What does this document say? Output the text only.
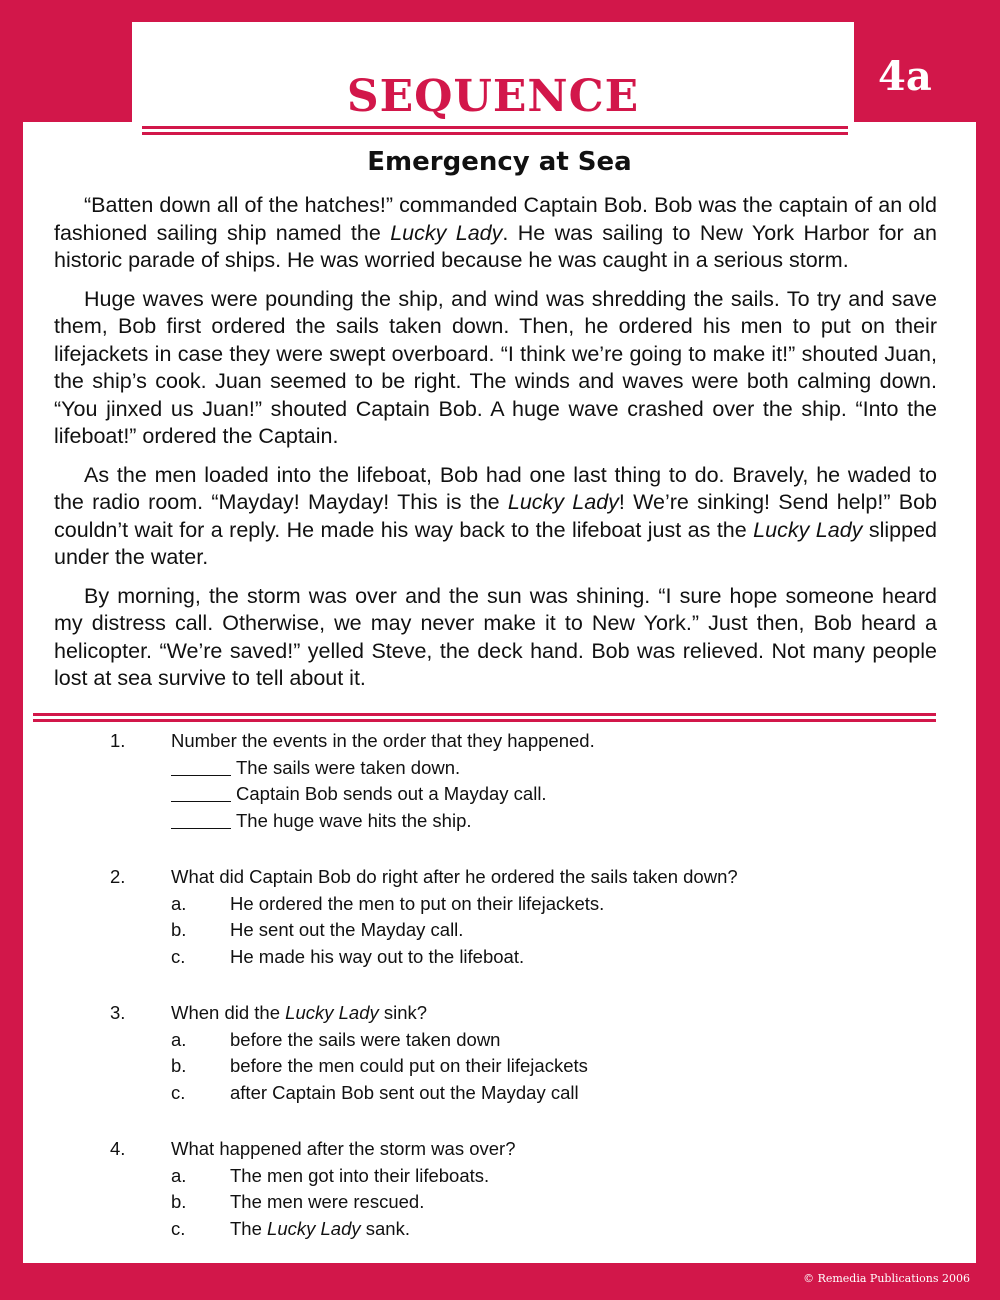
SEQUENCE	4a
Emergency at Sea

“Batten down all of the hatches!” commanded Captain Bob. Bob was the captain of an old fashioned sailing ship named the Lucky Lady. He was sailing to New York Harbor for an historic parade of ships. He was worried because he was caught in a serious storm.

Huge waves were pounding the ship, and wind was shredding the sails. To try and save them, Bob first ordered the sails taken down. Then, he ordered his men to put on their lifejackets in case they were swept overboard. “I think we’re going to make it!” shouted Juan, the ship’s cook. Juan seemed to be right. The winds and waves were both calming down. “You jinxed us Juan!” shouted Captain Bob. A huge wave crashed over the ship. “Into the lifeboat!” ordered the Captain.

As the men loaded into the lifeboat, Bob had one last thing to do. Bravely, he waded to the radio room. “Mayday! Mayday! This is the Lucky Lady! We’re sinking! Send help!” Bob couldn’t wait for a reply. He made his way back to the lifeboat just as the Lucky Lady slipped under the water.

By morning, the storm was over and the sun was shining. “I sure hope someone heard my distress call. Otherwise, we may never make it to New York.” Just then, Bob heard a helicopter. “We’re saved!” yelled Steve, the deck hand. Bob was relieved. Not many people lost at sea survive to tell about it.

1. Number the events in the order that they happened.
The sails were taken down.
Captain Bob sends out a Mayday call.
The huge wave hits the ship.
2. What did Captain Bob do right after he ordered the sails taken down?
a. He ordered the men to put on their lifejackets.
b. He sent out the Mayday call.
c. He made his way out to the lifeboat.
3. When did the Lucky Lady sink?
a. before the sails were taken down
b. before the men could put on their lifejackets
c. after Captain Bob sent out the Mayday call
4. What happened after the storm was over?
a. The men got into their lifeboats.
b. The men were rescued.
c. The Lucky Lady sank.
© Remedia Publications 2006
